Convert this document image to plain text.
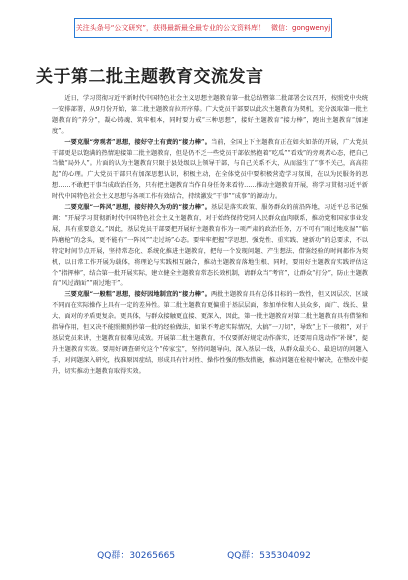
关注头条号“公文研究”，获得最新最全最专业的公文资料库！ 微信：gongwenyj
关于第二批主题教育交流发言

近日，学习贯彻习近平新时代中国特色社会主义思想主题教育第一批总结暨第二批部署会议召开，按照党中央统一安排部署，从9月份开始，第二批主题教育拉开序幕。广大党员干部要以此次主题教育为契机，充分汲取第一批主题教育的“养分”，凝心铸魂、筑牢根本，同时要力戒“三种思想”，接好主题教育“接力棒”，跑出主题教育“加速度”。

一要克服“旁观者”思想，接好守土有责的“接力棒”。当前，全国上下主题教育正在如火如荼的开展，广大党员干部更是以饱满的热情迎接第二批主题教育，但是仍不乏一些党员干部依然抱着“吃瓜”“看戏”的旁观者心态，把自己当做“局外人”。片面的认为主题教育只限于县处级以上领导干部，与自己关系不大，从而滋生了“事不关己，高高挂起”的心理。广大党员干部只有加深思想认识，积极主动，在全体党员中要积极营造学习氛围，在以为民服务的思想……不敢把干事当成政治任务，只有把主题教育当作自身任务来看待……推动主题教育开展，将学习贯彻习近平新时代中国特色社会主义思想与各项工作有效结合，持续激发“干事”“成事”的源动力。

二要克服“一阵风”思想，接好持久为功的“接力棒”。基层是落实政策、服务群众的前沿阵地，习近平总书记强调：“开展学习贯彻新时代中国特色社会主义主题教育，对于始终保持党同人民群众血肉联系，推动党和国家事业发展，具有重要意义。”因此，基层党员干部要把开展好主题教育作为一项严肃的政治任务，万不可有“雨过地皮湿”“临阵磨枪”的念头，更不能有“一阵风”“走过场”心态。要牢牢把握“学思想、强党性、重实践、建新功”的总要求，不以特定时间节点开展，坚持常态化、系统化推进主题教育，把每一个发现问题、产生想法、借鉴经验的时间都作为契机，以日常工作开展为载体，将理论与实践相互融合，推动主题教育落地生根、同时，要用好主题教育实践评估这个“指挥棒”，结合第一批开展实际，建立健全主题教育常态长效机制，请群众当“考官”，让群众“打分”，防止主题教育“风过湖面”“雨过地干”。

三要克服“一般粗”思想，接好因地制宜的“接力棒”。两批主题教育具有总体目标的一致性，但又因层次、区域不同而在实际操作上具有一定的差异性。第二批主题教育更偏重于基层层面，参加单位和人员众多，面广、线长、量大、面对的矛盾更复杂。更具体，与群众接触更直接、更深入，因此，第一批主题教育对第二批主题教育具有借鉴和指导作用，但又决不能照搬照抄第一批的经验做法，如果不考虑实际情况，大搞“一刀切”，导致“上下一般粗”，对于基层党员来讲，主题教育很难见成效。开展第二批主题教育，不仅要抓好规定动作落实，还要用自选动作“补课”，提升主题教育实效。要用好调查研究这个“传家宝”，坚持问题导向，深入基层一线，从群众最关心、最迫切的问题入手，对问题深入研究，找准原因症结，形成具有针对性、操作性强的整改措施，推动问题在检视中解决，在整改中提升，切实推动主题教育取得实效。

QQ群：30265665	QQ群：535304092
